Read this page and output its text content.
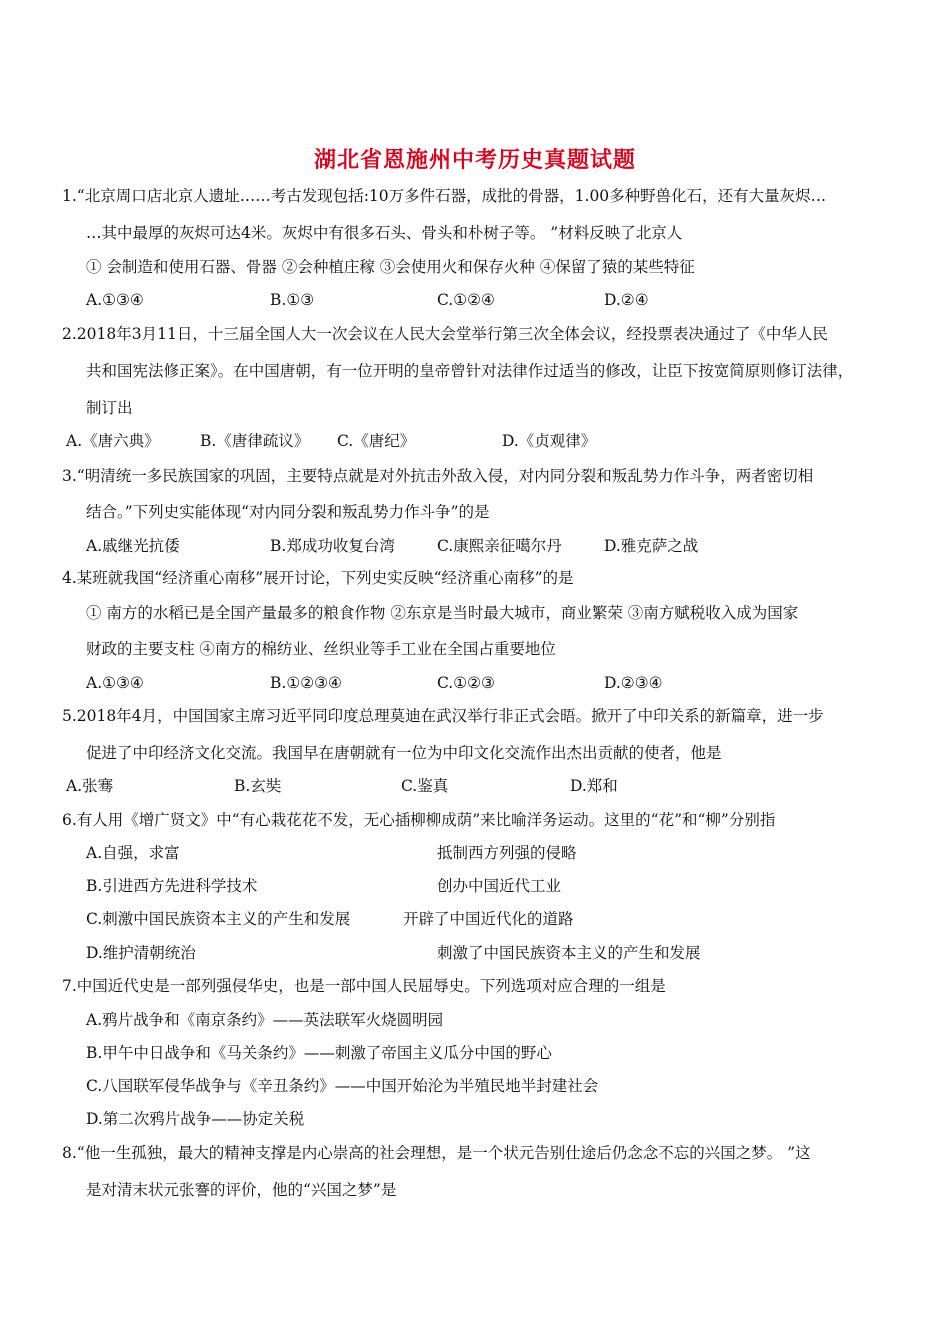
湖北省恩施州中考历史真题试题
1.“北京周口店北京人遗址……考古发现包括:10万多件石器，成批的骨器，1.00多种野兽化石，还有大量灰烬…
…其中最厚的灰烬可达4米。灰烬中有很多石头、骨头和朴树子等。 ”材料反映了北京人
① 会制造和使用石器、骨器 ②会种植庄稼 ③会使用火和保存火种 ④保留了猿的某些特征
A.①③④	B.①③	C.①②④	D.②④
2.2018年3月11日，十三届全国人大一次会议在人民大会堂举行第三次全体会议，经投票表决通过了《中华人民
共和国宪法修正案》。在中国唐朝，有一位开明的皇帝曾针对法律作过适当的修改，让臣下按宽简原则修订法律，
制订出
A.《唐六典》	B.《唐律疏议》 C.《唐纪》	D.《贞观律》
3.“明清统一多民族国家的巩固，主要特点就是对外抗击外敌入侵，对内同分裂和叛乱势力作斗争，两者密切相
结合。”下列史实能体现“对内同分裂和叛乱势力作斗争”的是
A.戚继光抗倭	B.郑成功收复台湾	C.康熙亲征噶尔丹	D.雅克萨之战
4.某班就我国“经济重心南移”展开讨论，下列史实反映“经济重心南移”的是
① 南方的水稻已是全国产量最多的粮食作物 ②东京是当时最大城市，商业繁荣 ③南方赋税收入成为国家
财政的主要支柱 ④南方的棉纺业、丝织业等手工业在全国占重要地位
A.①③④	B.①②③④	C.①②③	D.②③④
5.2018年4月，中国国家主席习近平同印度总理莫迪在武汉举行非正式会晤。掀开了中印关系的新篇章，进一步
促进了中印经济文化交流。我国早在唐朝就有一位为中印文化交流作出杰出贡献的使者，他是
A.张骞	B.玄奘	C.鉴真	D.郑和
6.有人用《增广贤文》中“有心栽花花不发，无心插柳柳成荫”来比喻洋务运动。这里的“花”和“柳”分别指
A.自强，求富	抵制西方列强的侵略
B.引进西方先进科学技术	创办中国近代工业
C.刺激中国民族资本主义的产生和发展	开辟了中国近代化的道路
D.维护清朝统治	刺激了中国民族资本主义的产生和发展
7.中国近代史是一部列强侵华史，也是一部中国人民屈辱史。下列选项对应合理的一组是
A.鸦片战争和《南京条约》——英法联军火烧圆明园
B.甲午中日战争和《马关条约》——刺激了帝国主义瓜分中国的野心
C.八国联军侵华战争与《辛丑条约》——中国开始沦为半殖民地半封建社会
D.第二次鸦片战争——协定关税
8.“他一生孤独，最大的精神支撑是内心崇高的社会理想，是一个状元告别仕途后仍念念不忘的兴国之梦。 ”这
是对清末状元张謇的评价，他的“兴国之梦”是
